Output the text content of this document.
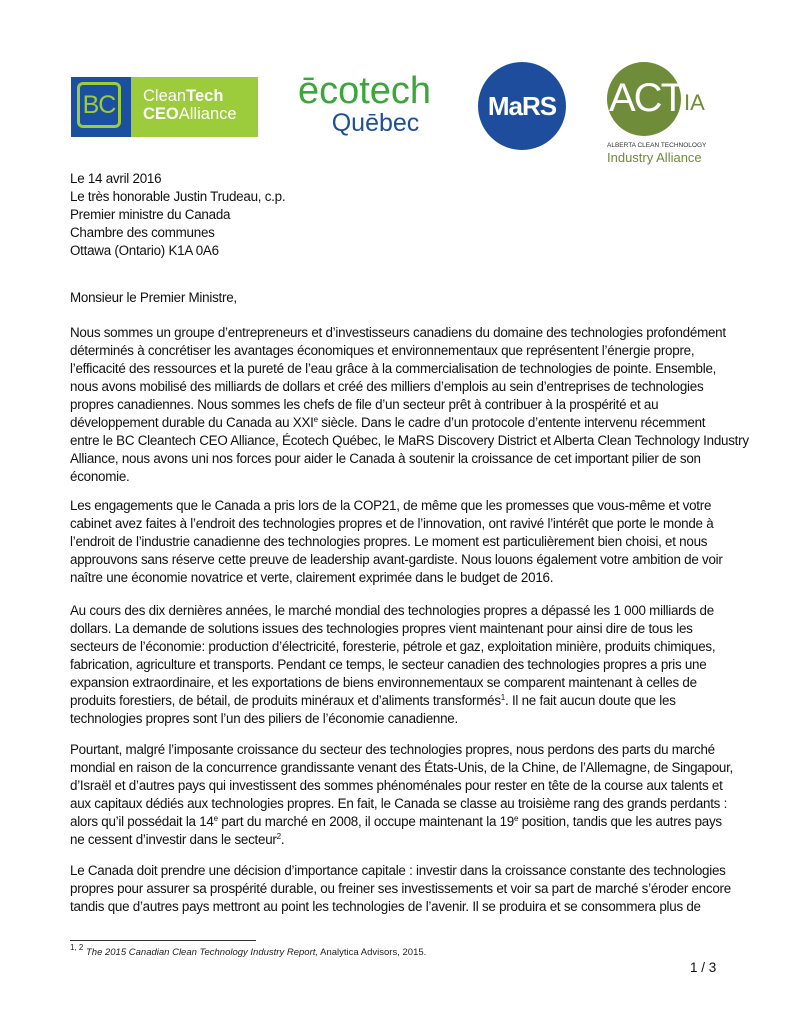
BC	CleanTech
CEOAlliance
ēcotech
Quēbec
MaRS ACT IA
ALBERTA CLEAN TECHNOLOGY
Industry Alliance
Le 14 avril 2016
Le très honorable Justin Trudeau, c.p.
Premier ministre du Canada
Chambre des communes
Ottawa (Ontario) K1A 0A6
Monsieur le Premier Ministre,
Nous sommes un groupe d’entrepreneurs et d’investisseurs canadiens du domaine des technologies profondément
déterminés à concrétiser les avantages économiques et environnementaux que représentent l’énergie propre,
l’efficacité des ressources et la pureté de l’eau grâce à la commercialisation de technologies de pointe. Ensemble,
nous avons mobilisé des milliards de dollars et créé des milliers d’emplois au sein d’entreprises de technologies
propres canadiennes. Nous sommes les chefs de file d’un secteur prêt à contribuer à la prospérité et au
développement durable du Canada au XXIe siècle. Dans le cadre d’un protocole d’entente intervenu récemment
entre le BC Cleantech CEO Alliance, Écotech Québec, le MaRS Discovery District et Alberta Clean Technology Industry
Alliance, nous avons uni nos forces pour aider le Canada à soutenir la croissance de cet important pilier de son
économie.
Les engagements que le Canada a pris lors de la COP21, de même que les promesses que vous-même et votre
cabinet avez faites à l’endroit des technologies propres et de l’innovation, ont ravivé l’intérêt que porte le monde à
l’endroit de l’industrie canadienne des technologies propres. Le moment est particulièrement bien choisi, et nous
approuvons sans réserve cette preuve de leadership avant-gardiste. Nous louons également votre ambition de voir
naître une économie novatrice et verte, clairement exprimée dans le budget de 2016.
Au cours des dix dernières années, le marché mondial des technologies propres a dépassé les 1 000 milliards de
dollars. La demande de solutions issues des technologies propres vient maintenant pour ainsi dire de tous les
secteurs de l’économie: production d’électricité, foresterie, pétrole et gaz, exploitation minière, produits chimiques,
fabrication, agriculture et transports. Pendant ce temps, le secteur canadien des technologies propres a pris une
expansion extraordinaire, et les exportations de biens environnementaux se comparent maintenant à celles de
produits forestiers, de bétail, de produits minéraux et d’aliments transformés$^1$. Il ne fait aucun doute que les
technologies propres sont l’un des piliers de l’économie canadienne.
Pourtant, malgré l’imposante croissance du secteur des technologies propres, nous perdons des parts du marché
mondial en raison de la concurrence grandissante venant des États-Unis, de la Chine, de l’Allemagne, de Singapour,
d’Israël et d’autres pays qui investissent des sommes phénoménales pour rester en tête de la course aux talents et
aux capitaux dédiés aux technologies propres. En fait, le Canada se classe au troisième rang des grands perdants :
alors qu’il possédait la 14e part du marché en 2008, il occupe maintenant la 19e position, tandis que les autres pays
ne cessent d’investir dans le secteur$^2$.
Le Canada doit prendre une décision d’importance capitale : investir dans la croissance constante des technologies
propres pour assurer sa prospérité durable, ou freiner ses investissements et voir sa part de marché s’éroder encore
tandis que d’autres pays mettront au point les technologies de l’avenir. Il se produira et se consommera plus de
$^{1, 2}$ The 2015 Canadian Clean Technology Industry Report, Analytica Advisors, 2015.
1 / 3
